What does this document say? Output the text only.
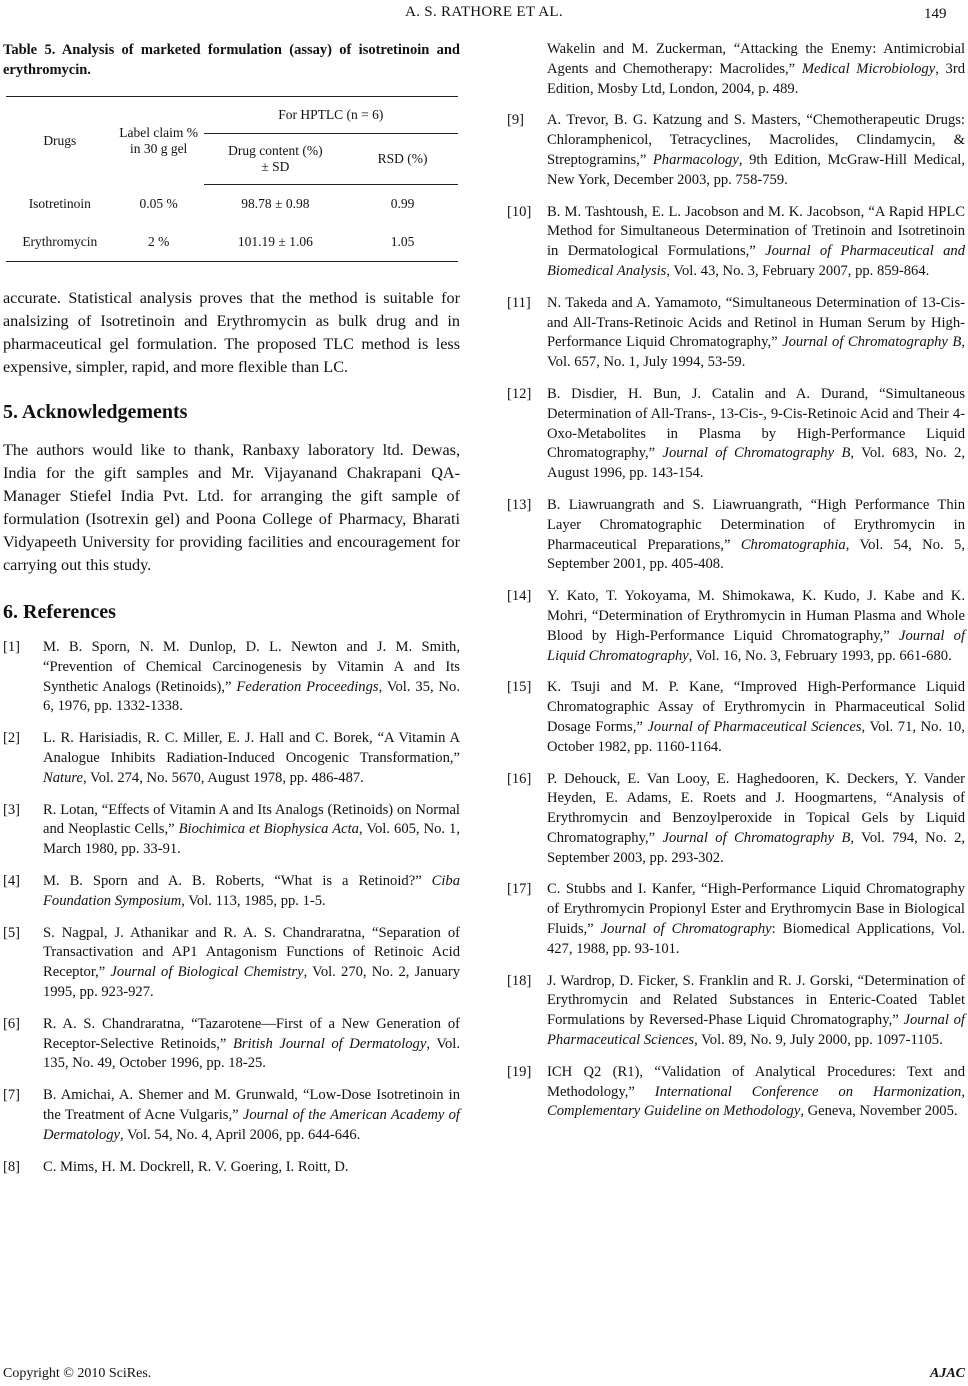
A. S. RATHORE ET AL.	149

Table 5. Analysis of marketed formulation (assay) of isotretinoin and erythromycin.

Drugs	Label claim % in 30 g gel	For HPTLC (n = 6)	
		Drug content (%) ± SD	RSD (%)
Isotretinoin	0.05 %	98.78 ± 0.98	0.99
Erythromycin	2 %	101.19 ± 1.06	1.05

accurate. Statistical analysis proves that the method is suitable for analsizing of Isotretinoin and Erythromycin as bulk drug and in pharmaceutical gel formulation. The proposed TLC method is less expensive, simpler, rapid, and more flexible than LC.

5. Acknowledgements

The authors would like to thank, Ranbaxy laboratory ltd. Dewas, India for the gift samples and Mr. Vijayanand Chakrapani QA-Manager Stiefel India Pvt. Ltd. for arranging the gift sample of formulation (Isotrexin gel) and Poona College of Pharmacy, Bharati Vidyapeeth University for providing facilities and encouragement for carrying out this study.

6. References
[1] M. B. Sporn, N. M. Dunlop, D. L. Newton and J. M. Smith, “Prevention of Chemical Carcinogenesis by Vitamin A and Its Synthetic Analogs (Retinoids),” Federation Proceedings, Vol. 35, No. 6, 1976, pp. 1332-1338.
[2] L. R. Harisiadis, R. C. Miller, E. J. Hall and C. Borek, “A Vitamin A Analogue Inhibits Radiation-Induced Oncogenic Transformation,” Nature, Vol. 274, No. 5670, August 1978, pp. 486-487.
[3] R. Lotan, “Effects of Vitamin A and Its Analogs (Retinoids) on Normal and Neoplastic Cells,” Biochimica et Biophysica Acta, Vol. 605, No. 1, March 1980, pp. 33-91.
[4] M. B. Sporn and A. B. Roberts, “What is a Retinoid?” Ciba Foundation Symposium, Vol. 113, 1985, pp. 1-5.
[5] S. Nagpal, J. Athanikar and R. A. S. Chandraratna, “Separation of Transactivation and AP1 Antagonism Functions of Retinoic Acid Receptor,” Journal of Biological Chemistry, Vol. 270, No. 2, January 1995, pp. 923-927.
[6] R. A. S. Chandraratna, “Tazarotene—First of a New Generation of Receptor-Selective Retinoids,” British Journal of Dermatology, Vol. 135, No. 49, October 1996, pp. 18-25.
[7] B. Amichai, A. Shemer and M. Grunwald, “Low-Dose Isotretinoin in the Treatment of Acne Vulgaris,” Journal of the American Academy of Dermatology, Vol. 54, No. 4, April 2006, pp. 644-646.
[8] C. Mims, H. M. Dockrell, R. V. Goering, I. Roitt, D.
Wakelin and M. Zuckerman, “Attacking the Enemy: Antimicrobial Agents and Chemotherapy: Macrolides,” Medical Microbiology, 3rd Edition, Mosby Ltd, London, 2004, p. 489.
[9] A. Trevor, B. G. Katzung and S. Masters, “Chemotherapeutic Drugs: Chloramphenicol, Tetracyclines, Macrolides, Clindamycin, & Streptogramins,” Pharmacology, 9th Edition, McGraw-Hill Medical, New York, December 2003, pp. 758-759.
[10] B. M. Tashtoush, E. L. Jacobson and M. K. Jacobson, “A Rapid HPLC Method for Simultaneous Determination of Tretinoin and Isotretinoin in Dermatological Formulations,” Journal of Pharmaceutical and Biomedical Analysis, Vol. 43, No. 3, February 2007, pp. 859-864.
[11] N. Takeda and A. Yamamoto, “Simultaneous Determination of 13-Cis- and All-Trans-Retinoic Acids and Retinol in Human Serum by High-Performance Liquid Chromatography,” Journal of Chromatography B, Vol. 657, No. 1, July 1994, 53-59.
[12] B. Disdier, H. Bun, J. Catalin and A. Durand, “Simultaneous Determination of All-Trans-, 13-Cis-, 9-Cis-Retinoic Acid and Their 4-Oxo-Metabolites in Plasma by High-Performance Liquid Chromatography,” Journal of Chromatography B, Vol. 683, No. 2, August 1996, pp. 143-154.
[13] B. Liawruangrath and S. Liawruangrath, “High Performance Thin Layer Chromatographic Determination of Erythromycin in Pharmaceutical Preparations,” Chromatographia, Vol. 54, No. 5, September 2001, pp. 405-408.
[14] Y. Kato, T. Yokoyama, M. Shimokawa, K. Kudo, J. Kabe and K. Mohri, “Determination of Erythromycin in Human Plasma and Whole Blood by High-Performance Liquid Chromatography,” Journal of Liquid Chromatography, Vol. 16, No. 3, February 1993, pp. 661-680.
[15] K. Tsuji and M. P. Kane, “Improved High-Performance Liquid Chromatographic Assay of Erythromycin in Pharmaceutical Solid Dosage Forms,” Journal of Pharmaceutical Sciences, Vol. 71, No. 10, October 1982, pp. 1160-1164.
[16] P. Dehouck, E. Van Looy, E. Haghedooren, K. Deckers, Y. Vander Heyden, E. Adams, E. Roets and J. Hoogmartens, “Analysis of Erythromycin and Benzoylperoxide in Topical Gels by Liquid Chromatography,” Journal of Chromatography B, Vol. 794, No. 2, September 2003, pp. 293-302.
[17] C. Stubbs and I. Kanfer, “High-Performance Liquid Chromatography of Erythromycin Propionyl Ester and Erythromycin Base in Biological Fluids,” Journal of Chromatography: Biomedical Applications, Vol. 427, 1988, pp. 93-101.
[18] J. Wardrop, D. Ficker, S. Franklin and R. J. Gorski, “Determination of Erythromycin and Related Substances in Enteric-Coated Tablet Formulations by Reversed-Phase Liquid Chromatography,” Journal of Pharmaceutical Sciences, Vol. 89, No. 9, July 2000, pp. 1097-1105.
[19] ICH Q2 (R1), “Validation of Analytical Procedures: Text and Methodology,” International Conference on Harmonization, Complementary Guideline on Methodology, Geneva, November 2005.
Copyright © 2010 SciRes.	AJAC
